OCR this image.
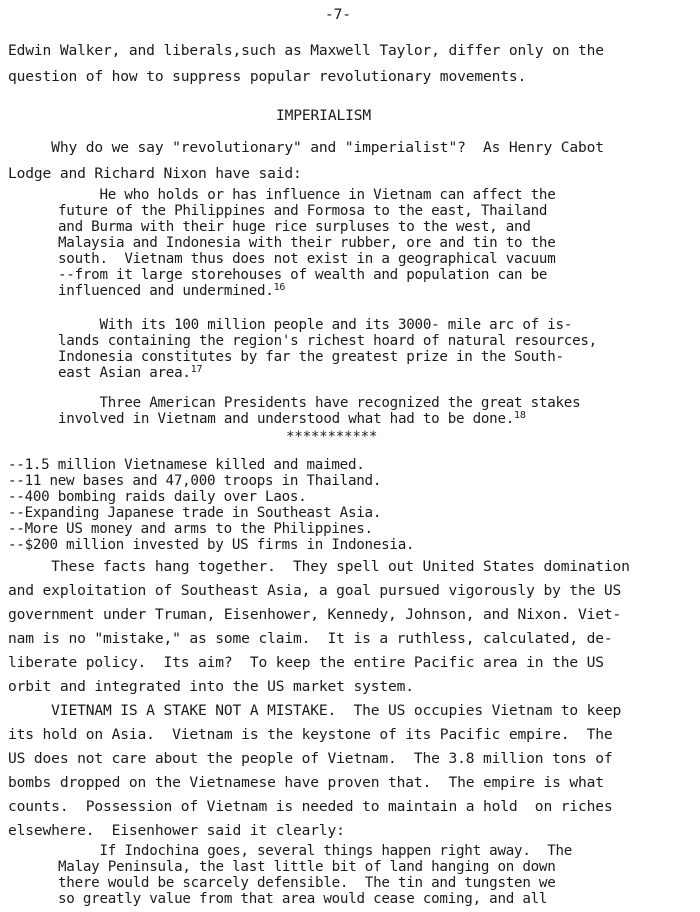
-7-
Edwin Walker, and liberals,such as Maxwell Taylor, differ only on the
question of how to suppress popular revolutionary movements.
IMPERIALISM
Why do we say "revolutionary" and "imperialist"?  As Henry Cabot
Lodge and Richard Nixon have said:
He who holds or has influence in Vietnam can affect the
future of the Philippines and Formosa to the east, Thailand
and Burma with their huge rice surpluses to the west, and
Malaysia and Indonesia with their rubber, ore and tin to the
south.  Vietnam thus does not exist in a geographical vacuum
--from it large storehouses of wealth and population can be
influenced and undermined.$^{16}$
With its 100 million people and its 3000- mile arc of is-
lands containing the region's richest hoard of natural resources,
Indonesia constitutes by far the greatest prize in the South-
east Asian area.$^{17}$
Three American Presidents have recognized the great stakes
involved in Vietnam and understood what had to be done.$^{18}$
***********
--1.5 million Vietnamese killed and maimed.
--11 new bases and 47,000 troops in Thailand.
--400 bombing raids daily over Laos.
--Expanding Japanese trade in Southeast Asia.
--More US money and arms to the Philippines.
--$200 million invested by US firms in Indonesia.
These facts hang together.  They spell out United States domination
and exploitation of Southeast Asia, a goal pursued vigorously by the US
government under Truman, Eisenhower, Kennedy, Johnson, and Nixon. Viet-
nam is no "mistake," as some claim.  It is a ruthless, calculated, de-
liberate policy.  Its aim?  To keep the entire Pacific area in the US
orbit and integrated into the US market system.
VIETNAM IS A STAKE NOT A MISTAKE.  The US occupies Vietnam to keep
its hold on Asia.  Vietnam is the keystone of its Pacific empire.  The
US does not care about the people of Vietnam.  The 3.8 million tons of
bombs dropped on the Vietnamese have proven that.  The empire is what
counts.  Possession of Vietnam is needed to maintain a hold  on riches
elsewhere.  Eisenhower said it clearly:
If Indochina goes, several things happen right away.  The
Malay Peninsula, the last little bit of land hanging on down
there would be scarcely defensible.  The tin and tungsten we
so greatly value from that area would cease coming, and all
